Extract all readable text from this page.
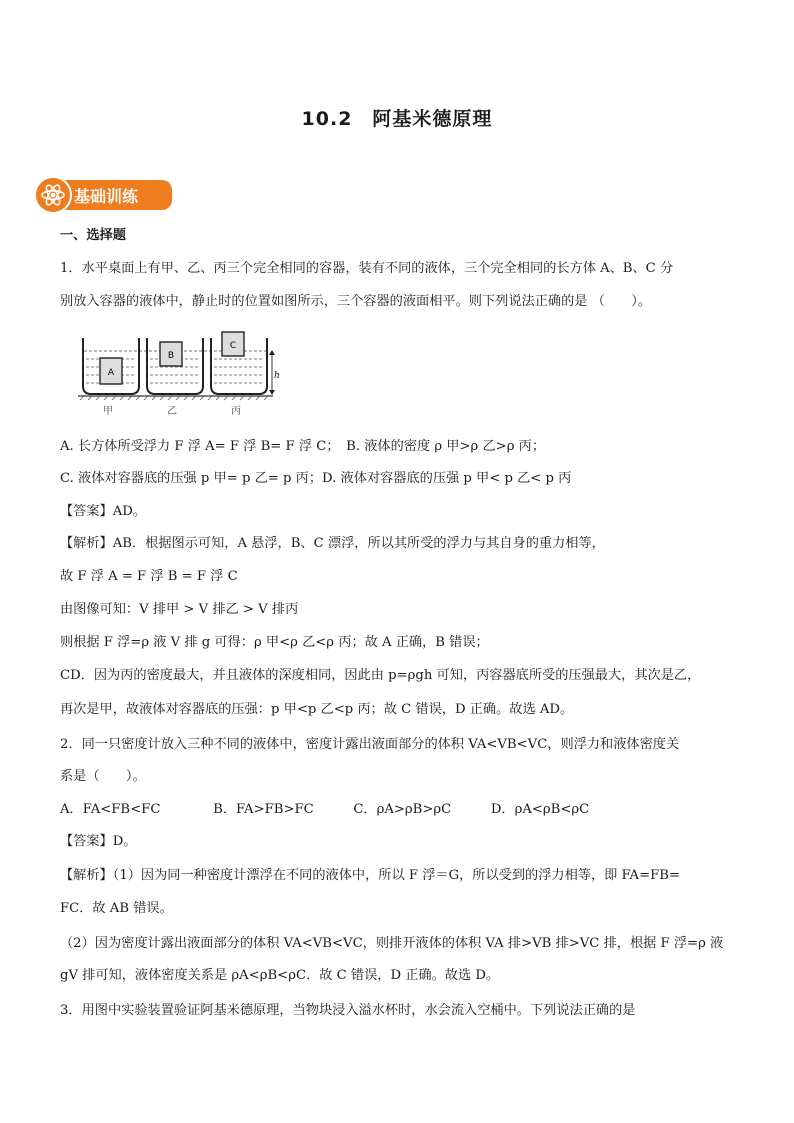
10.2　阿基米德原理
基础训练
一、选择题
1．水平桌面上有甲、乙、丙三个完全相同的容器，装有不同的液体，三个完全相同的长方体 A、B、C 分
别放入容器的液体中，静止时的位置如图所示，三个容器的液面相平。则下列说法正确的是 （　　）。
h
A
B
C
甲	乙	丙
A. 长方体所受浮力 F 浮 A= F 浮 B= F 浮 C；　B. 液体的密度 ρ 甲>ρ 乙>ρ 丙；
C. 液体对容器底的压强 p 甲= p 乙= p 丙；D. 液体对容器底的压强 p 甲< p 乙< p 丙
【答案】AD。
【解析】AB．根据图示可知，A 悬浮，B、C 漂浮，所以其所受的浮力与其自身的重力相等，
故 F 浮 A = F 浮 B = F 浮 C
由图像可知：V 排甲 > V 排乙 > V 排丙
则根据 F 浮=ρ 液 V 排 g 可得：ρ 甲<ρ 乙<ρ 丙；故 A 正确，B 错误；
CD．因为丙的密度最大，并且液体的深度相同，因此由 p=ρgh 可知，丙容器底所受的压强最大，其次是乙，
再次是甲，故液体对容器底的压强：p 甲<p 乙<p 丙；故 C 错误，D 正确。故选 AD。
2．同一只密度计放入三种不同的液体中，密度计露出液面部分的体积 VA<VB<VC，则浮力和液体密度关
系是（　　）。
A．FA<FB<FC　　　　B．FA>FB>FC　　　C．ρA>ρB>ρC　　　D．ρA<ρB<ρC
【答案】D。
【解析】（1）因为同一种密度计漂浮在不同的液体中，所以 F 浮＝G，所以受到的浮力相等，即 FA=FB=
FC．故 AB 错误。
（2）因为密度计露出液面部分的体积 VA<VB<VC，则排开液体的体积 VA 排>VB 排>VC 排，根据 F 浮=ρ 液
gV 排可知，液体密度关系是 ρA<ρB<ρC．故 C 错误，D 正确。故选 D。
3．用图中实验装置验证阿基米德原理，当物块浸入溢水杯时，水会流入空桶中。下列说法正确的是
